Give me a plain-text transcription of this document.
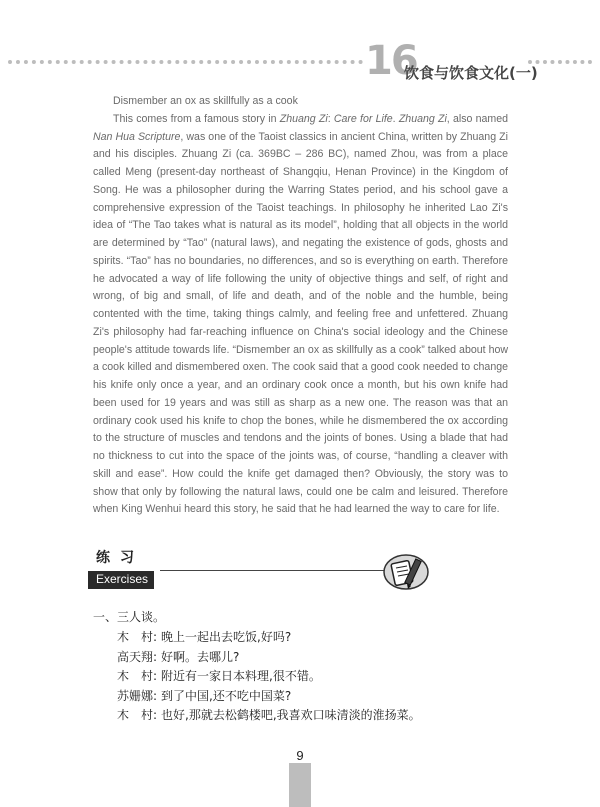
16
饮食与饮食文化(一)

Dismember an ox as skillfully as a cook

This comes from a famous story in Zhuang Zi: Care for Life. Zhuang Zi, also named Nan Hua Scripture, was one of the Taoist classics in ancient China, written by Zhuang Zi and his disciples. Zhuang Zi (ca. 369BC – 286 BC), named Zhou, was from a place called Meng (present-day northeast of Shangqiu, Henan Province) in the Kingdom of Song. He was a philosopher during the Warring States period, and his school gave a comprehensive expression of the Taoist teachings. In philosophy he inherited Lao Zi's idea of “The Tao takes what is natural as its model”, holding that all objects in the world are determined by “Tao” (natural laws), and negating the existence of gods, ghosts and spirits. “Tao” has no boundaries, no differences, and so is everything on earth. Therefore he advocated a way of life following the unity of objective things and self, of right and wrong, of big and small, of life and death, and of the noble and the humble, being contented with the time, taking things calmly, and feeling free and unfettered. Zhuang Zi's philosophy had far-reaching influence on China's social ideology and the Chinese people's attitude towards life. “Dismember an ox as skillfully as a cook” talked about how a cook killed and dismembered oxen. The cook said that a good cook needed to change his knife only once a year, and an ordinary cook once a month, but his own knife had been used for 19 years and was still as sharp as a new one. The reason was that an ordinary cook used his knife to chop the bones, while he dismembered the ox according to the structure of muscles and tendons and the joints of bones. Using a blade that had no thickness to cut into the space of the joints was, of course, “handling a cleaver with skill and ease”. How could the knife get damaged then? Obviously, the story was to show that only by following the natural laws, could one be calm and leisured. Therefore when King Wenhui heard this story, he said that he had learned the way to care for life.

练习
Exercises
一、三人谈。
木　村: 晚上一起出去吃饭,好吗?
高天翔: 好啊。去哪儿?
木　村: 附近有一家日本料理,很不错。
苏姗娜: 到了中国,还不吃中国菜?
木　村: 也好,那就去松鹤楼吧,我喜欢口味清淡的淮扬菜。
9
